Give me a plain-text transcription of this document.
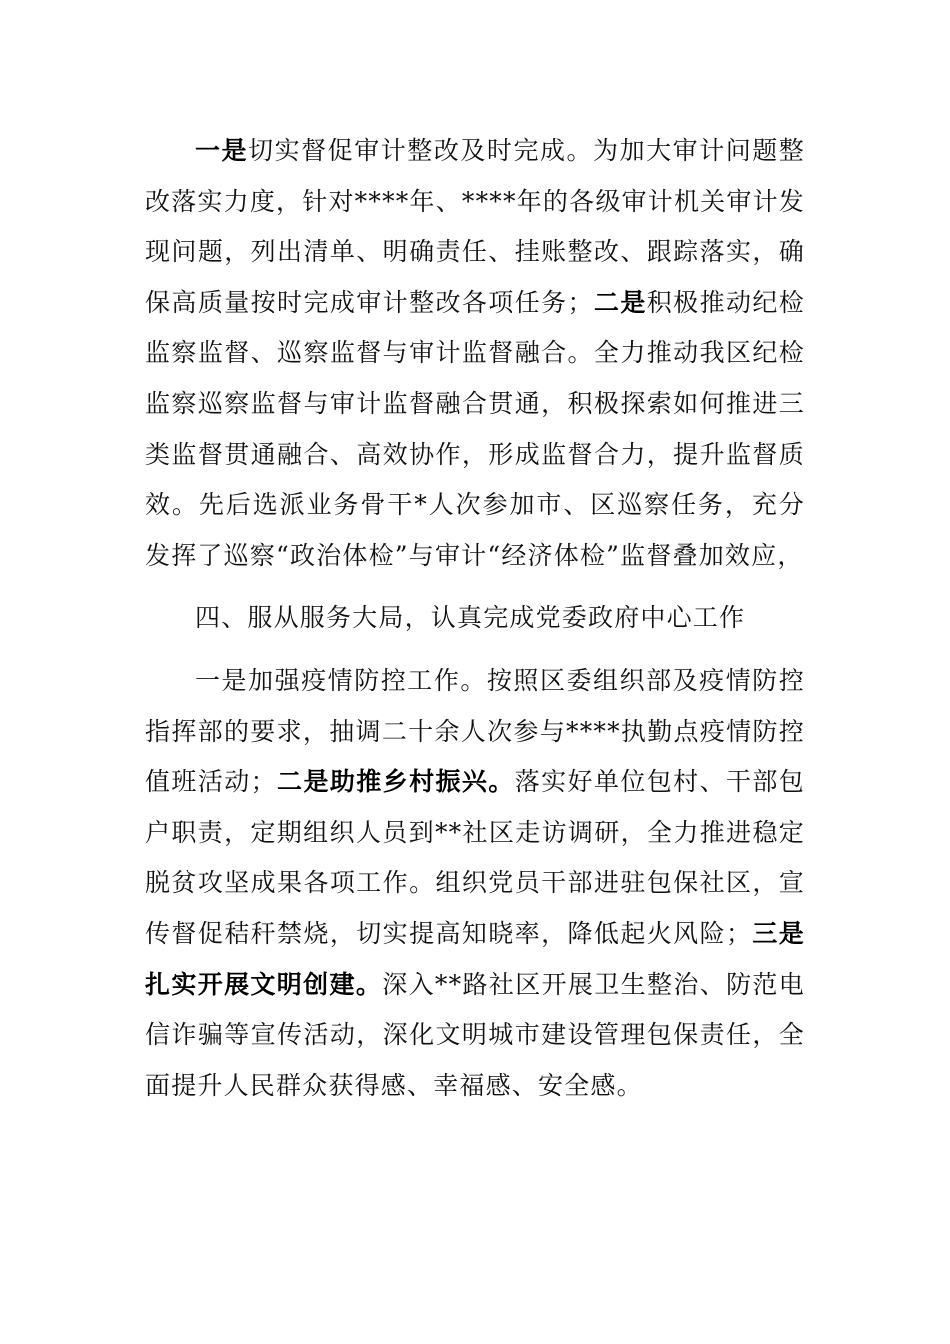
一是切实督促审计整改及时完成。为加大审计问题整改落实力度，针对****年、****年的各级审计机关审计发现问题，列出清单、明确责任、挂账整改、跟踪落实，确保高质量按时完成审计整改各项任务；二是积极推动纪检监察监督、巡察监督与审计监督融合。全力推动我区纪检监察巡察监督与审计监督融合贯通，积极探索如何推进三类监督贯通融合、高效协作，形成监督合力，提升监督质效。先后选派业务骨干*人次参加市、区巡察任务，充分发挥了巡察“政治体检”与审计“经济体检”监督叠加效应，

四、服从服务大局，认真完成党委政府中心工作

一是加强疫情防控工作。按照区委组织部及疫情防控指挥部的要求，抽调二十余人次参与****执勤点疫情防控值班活动；二是助推乡村振兴。落实好单位包村、干部包户职责，定期组织人员到**社区走访调研，全力推进稳定脱贫攻坚成果各项工作。组织党员干部进驻包保社区，宣传督促秸秆禁烧，切实提高知晓率，降低起火风险；三是扎实开展文明创建。深入**路社区开展卫生整治、防范电信诈骗等宣传活动，深化文明城市建设管理包保责任，全面提升人民群众获得感、幸福感、安全感。
